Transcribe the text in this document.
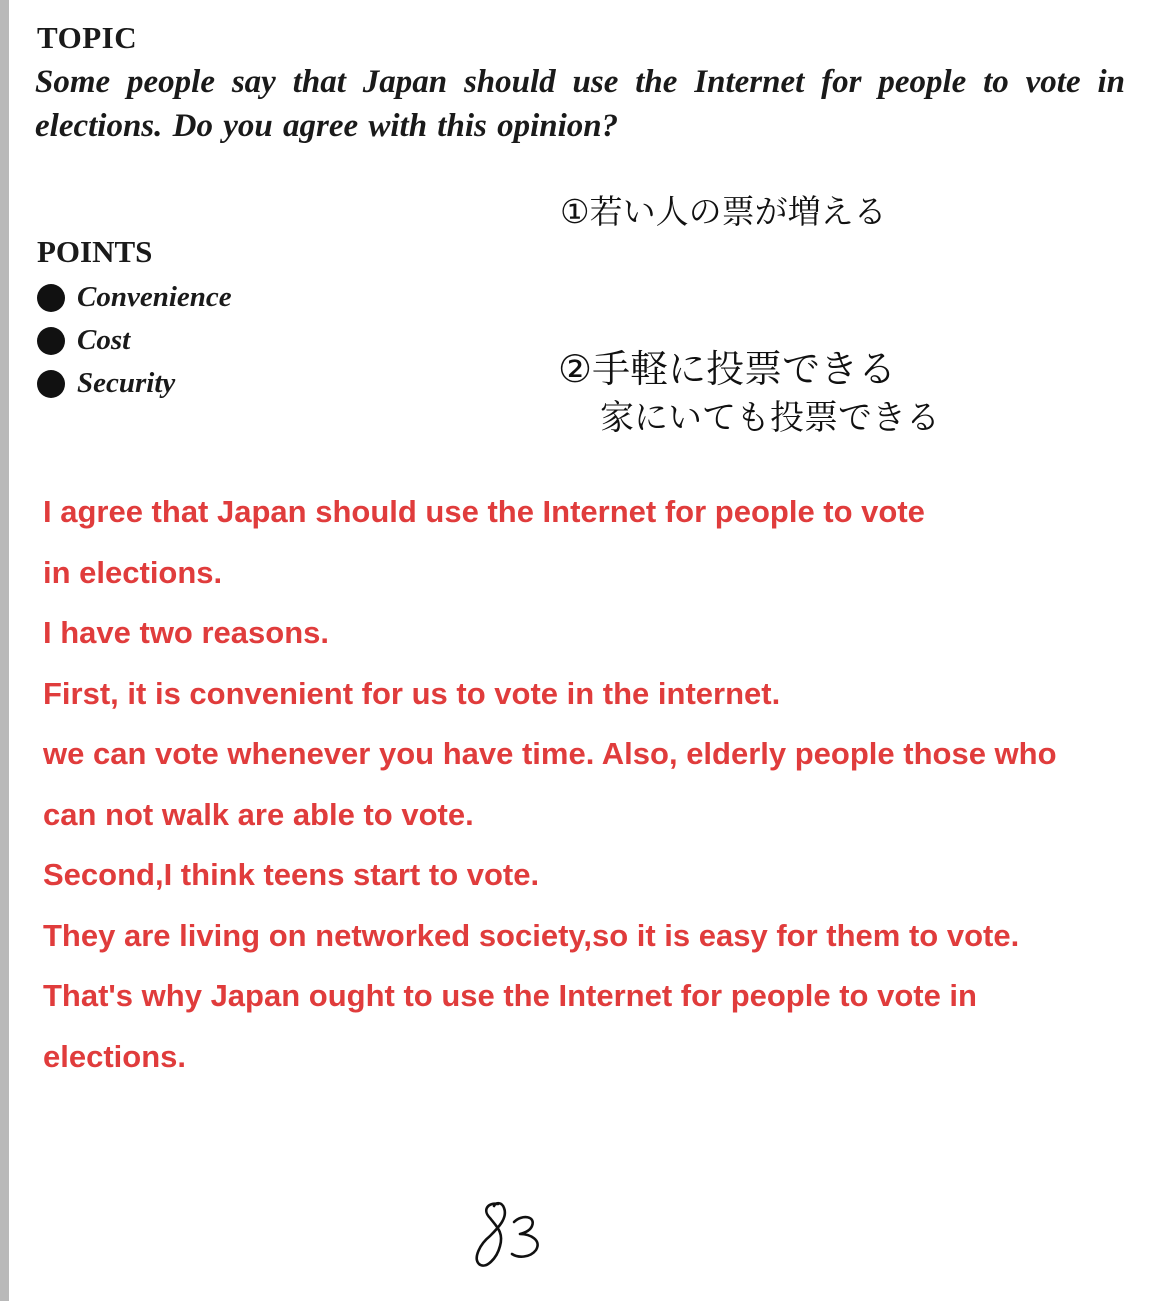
TOPIC
Some people say that Japan should use the Internet for people to vote in elections. Do you agree with this opinion?
POINTS
Convenience
Cost
Security
①若い人の票が増える
②手軽に投票できる
家にいても投票できる
I agree that Japan should use the Internet for people to vote
in elections.
I have two reasons.
First, it is convenient for us to vote in the internet.
we can vote whenever you have time. Also, elderly people those who
can not walk are able to vote.
Second,I think teens start to vote.
They are living on networked society,so it is easy for them to vote.
That's why Japan ought to use the Internet for people to vote in
elections.
